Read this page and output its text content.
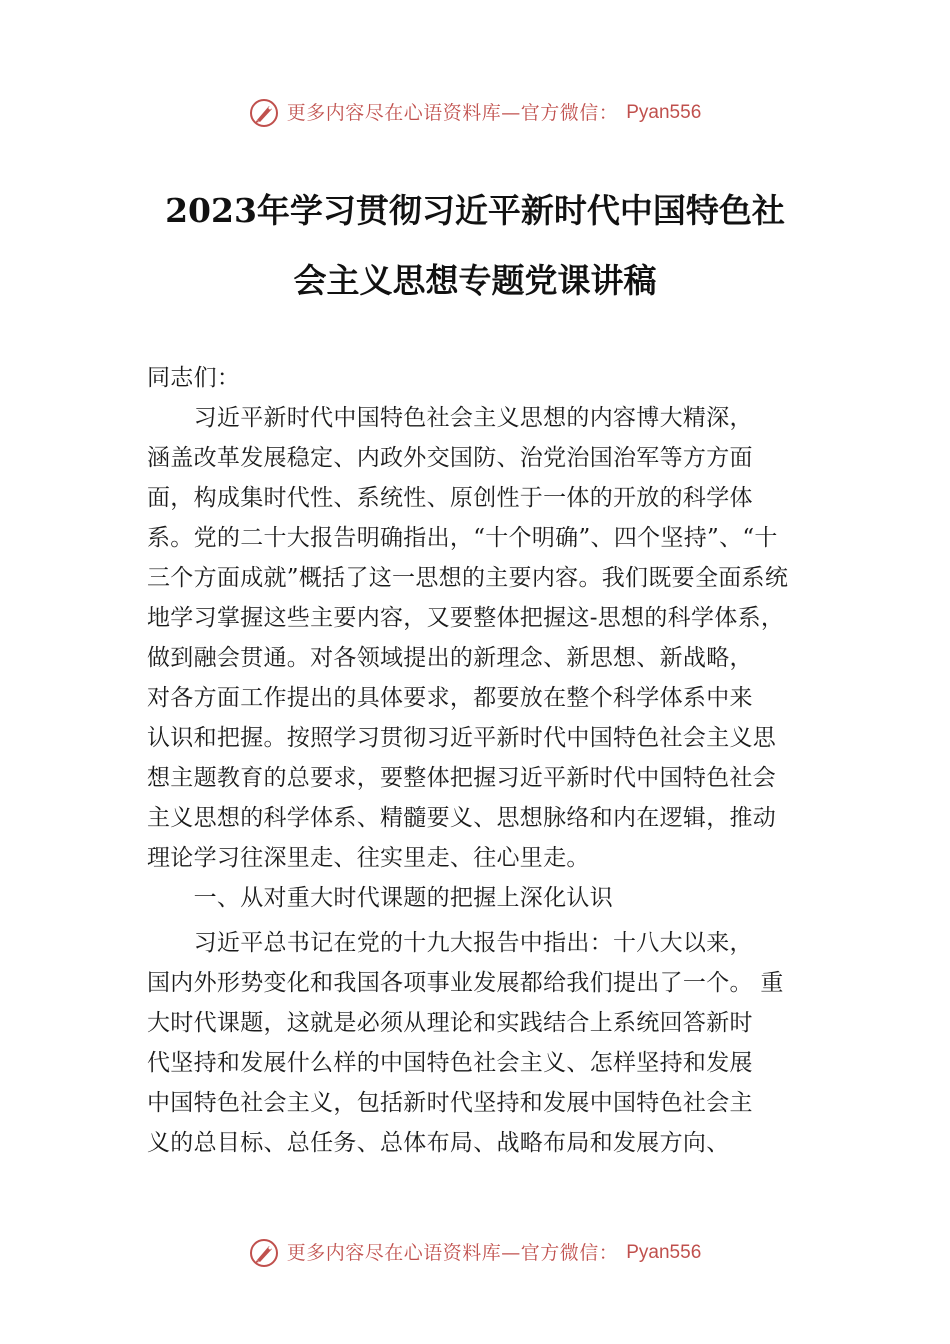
更多内容尽在心语资料库—官方微信： Pyan556
2023年学习贯彻习近平新时代中国特色社
会主义思想专题党课讲稿
同志们：
　　习近平新时代中国特色社会主义思想的内容博大精深，
涵盖改革发展稳定、内政外交国防、治党治国治军等方方面
面，构成集时代性、系统性、原创性于一体的开放的科学体
系。党的二十大报告明确指出，“十个明确”、四个坚持”、“十
三个方面成就”概括了这一思想的主要内容。我们既要全面系统
地学习掌握这些主要内容，又要整体把握这-思想的科学体系，
做到融会贯通。对各领域提出的新理念、新思想、新战略，
对各方面工作提出的具体要求，都要放在整个科学体系中来
认识和把握。按照学习贯彻习近平新时代中国特色社会主义思
想主题教育的总要求，要整体把握习近平新时代中国特色社会
主义思想的科学体系、精髓要义、思想脉络和内在逻辑，推动
理论学习往深里走、往实里走、往心里走。
　　一、从对重大时代课题的把握上深化认识
　　习近平总书记在党的十九大报告中指出：十八大以来，
国内外形势变化和我国各项事业发展都给我们提出了一个。 重
大时代课题，这就是必须从理论和实践结合上系统回答新时
代坚持和发展什么样的中国特色社会主义、怎样坚持和发展
中国特色社会主义，包括新时代坚持和发展中国特色社会主
义的总目标、总任务、总体布局、战略布局和发展方向、
更多内容尽在心语资料库—官方微信： Pyan556
